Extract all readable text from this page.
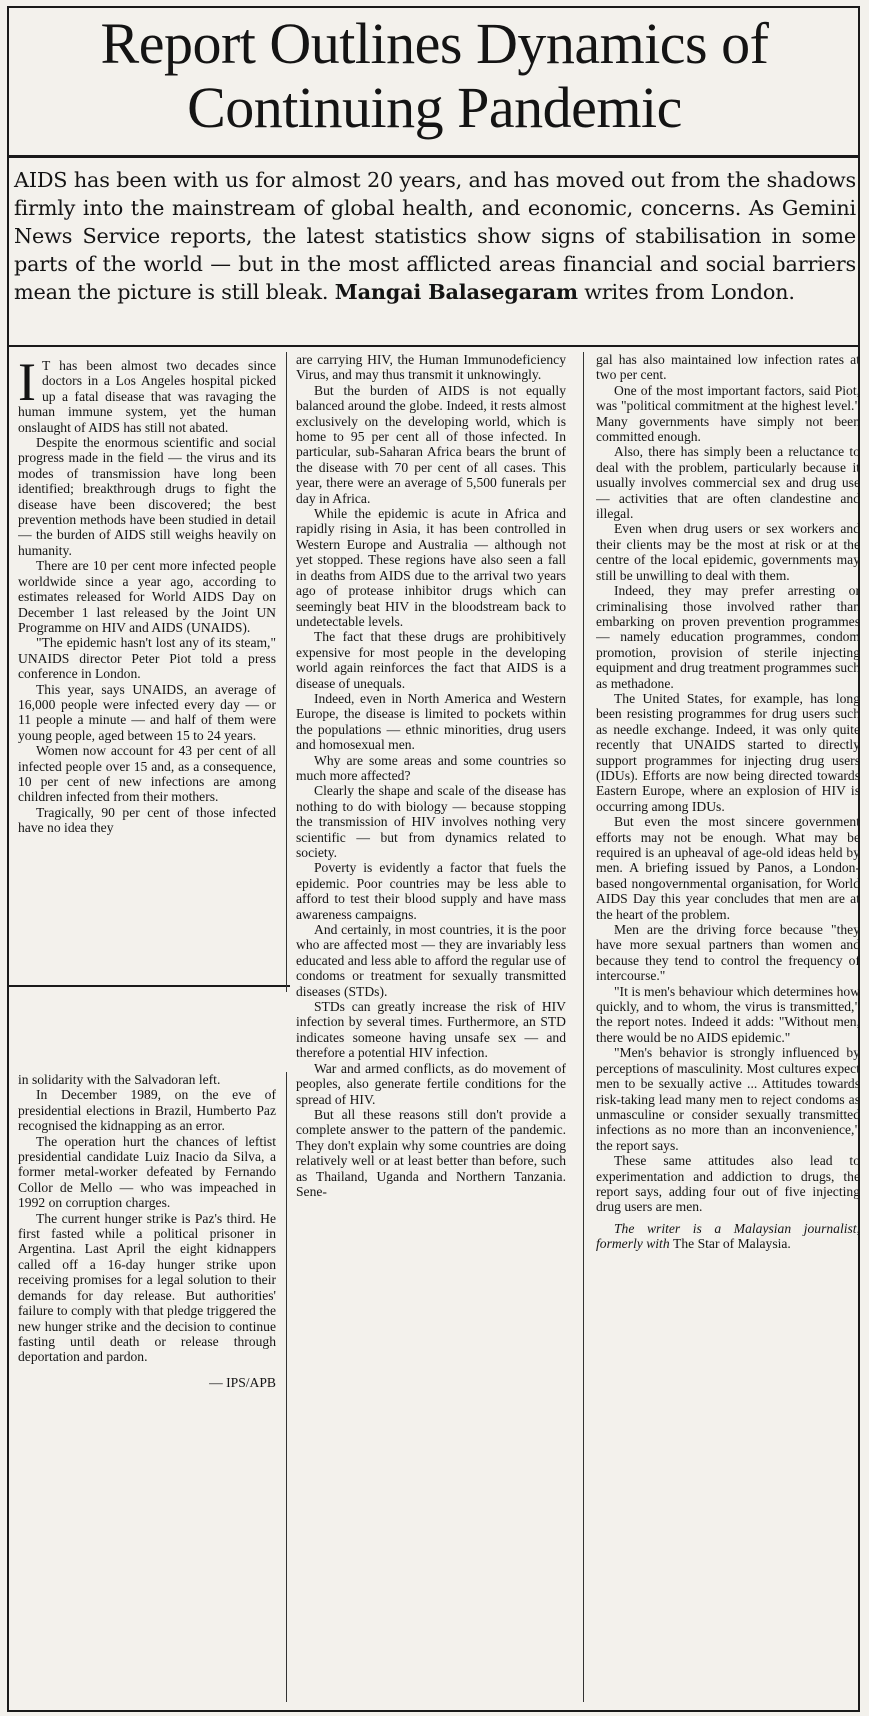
Report Outlines Dynamics of Continuing Pandemic

AIDS has been with us for almost 20 years, and has moved out from the shadows firmly into the mainstream of global health, and economic, concerns. As Gemini News Service reports, the latest statistics show signs of stabilisation in some parts of the world — but in the most afflicted areas financial and social barriers mean the picture is still bleak. Mangai Balasegaram writes from London.

I T has been almost two decades since doctors in a Los Angeles hospital picked up a fatal disease that was ravaging the human immune system, yet the human onslaught of AIDS has still not abated.

Despite the enormous scientific and social progress made in the field — the virus and its modes of transmission have long been identified; breakthrough drugs to fight the disease have been discovered; the best prevention methods have been studied in detail — the burden of AIDS still weighs heavily on humanity.

There are 10 per cent more infected people worldwide since a year ago, according to estimates released for World AIDS Day on December 1 last released by the Joint UN Programme on HIV and AIDS (UNAIDS).

"The epidemic hasn't lost any of its steam," UNAIDS director Peter Piot told a press conference in London.

This year, says UNAIDS, an average of 16,000 people were infected every day — or 11 people a minute — and half of them were young people, aged between 15 to 24 years.

Women now account for 43 per cent of all infected people over 15 and, as a consequence, 10 per cent of new infections are among children infected from their mothers.

Tragically, 90 per cent of those infected have no idea they

in solidarity with the Salvadoran left.

In December 1989, on the eve of presidential elections in Brazil, Humberto Paz recognised the kidnapping as an error.

The operation hurt the chances of leftist presidential candidate Luiz Inacio da Silva, a former metal-worker defeated by Fernando Collor de Mello — who was impeached in 1992 on corruption charges.

The current hunger strike is Paz's third. He first fasted while a political prisoner in Argentina. Last April the eight kidnappers called off a 16-day hunger strike upon receiving promises for a legal solution to their demands for day release. But authorities' failure to comply with that pledge triggered the new hunger strike and the decision to continue fasting until death or release through deportation and pardon.

— IPS/APB

are carrying HIV, the Human Immunodeficiency Virus, and may thus transmit it unknowingly.

But the burden of AIDS is not equally balanced around the globe. Indeed, it rests almost exclusively on the developing world, which is home to 95 per cent all of those infected. In particular, sub-Saharan Africa bears the brunt of the disease with 70 per cent of all cases. This year, there were an average of 5,500 funerals per day in Africa.

While the epidemic is acute in Africa and rapidly rising in Asia, it has been controlled in Western Europe and Australia — although not yet stopped. These regions have also seen a fall in deaths from AIDS due to the arrival two years ago of protease inhibitor drugs which can seemingly beat HIV in the bloodstream back to undetectable levels.

The fact that these drugs are prohibitively expensive for most people in the developing world again reinforces the fact that AIDS is a disease of unequals.

Indeed, even in North America and Western Europe, the disease is limited to pockets within the populations — ethnic minorities, drug users and homosexual men.

Why are some areas and some countries so much more affected?

Clearly the shape and scale of the disease has nothing to do with biology — because stopping the transmission of HIV involves nothing very scientific — but from dynamics related to society.

Poverty is evidently a factor that fuels the epidemic. Poor countries may be less able to afford to test their blood supply and have mass awareness campaigns.

And certainly, in most countries, it is the poor who are affected most — they are invariably less educated and less able to afford the regular use of condoms or treatment for sexually transmitted diseases (STDs).

STDs can greatly increase the risk of HIV infection by several times. Furthermore, an STD indicates someone having unsafe sex — and therefore a potential HIV infection.

War and armed conflicts, as do movement of peoples, also generate fertile conditions for the spread of HIV.

But all these reasons still don't provide a complete answer to the pattern of the pandemic. They don't explain why some countries are doing relatively well or at least better than before, such as Thailand, Uganda and Northern Tanzania. Sene-

gal has also maintained low infection rates at two per cent.

One of the most important factors, said Piot, was "political commitment at the highest level." Many governments have simply not been committed enough.

Also, there has simply been a reluctance to deal with the problem, particularly because it usually involves commercial sex and drug use — activities that are often clandestine and illegal.

Even when drug users or sex workers and their clients may be the most at risk or at the centre of the local epidemic, governments may still be unwilling to deal with them.

Indeed, they may prefer arresting or criminalising those involved rather than embarking on proven prevention programmes — namely education programmes, condom promotion, provision of sterile injecting equipment and drug treatment programmes such as methadone.

The United States, for example, has long been resisting programmes for drug users such as needle exchange. Indeed, it was only quite recently that UNAIDS started to directly support programmes for injecting drug users (IDUs). Efforts are now being directed towards Eastern Europe, where an explosion of HIV is occurring among IDUs.

But even the most sincere government efforts may not be enough. What may be required is an upheaval of age-old ideas held by men. A briefing issued by Panos, a London-based nongovernmental organisation, for World AIDS Day this year concludes that men are at the heart of the problem.

Men are the driving force because "they have more sexual partners than women and because they tend to control the frequency of intercourse."

"It is men's behaviour which determines how quickly, and to whom, the virus is transmitted," the report notes. Indeed it adds: "Without men, there would be no AIDS epidemic."

"Men's behavior is strongly influenced by perceptions of masculinity. Most cultures expect men to be sexually active ... Attitudes towards risk-taking lead many men to reject condoms as unmasculine or consider sexually transmitted infections as no more than an inconvenience," the report says.

These same attitudes also lead to experimentation and addiction to drugs, the report says, adding four out of five injecting drug users are men.

The writer is a Malaysian journalist, formerly with The Star of Malaysia.
